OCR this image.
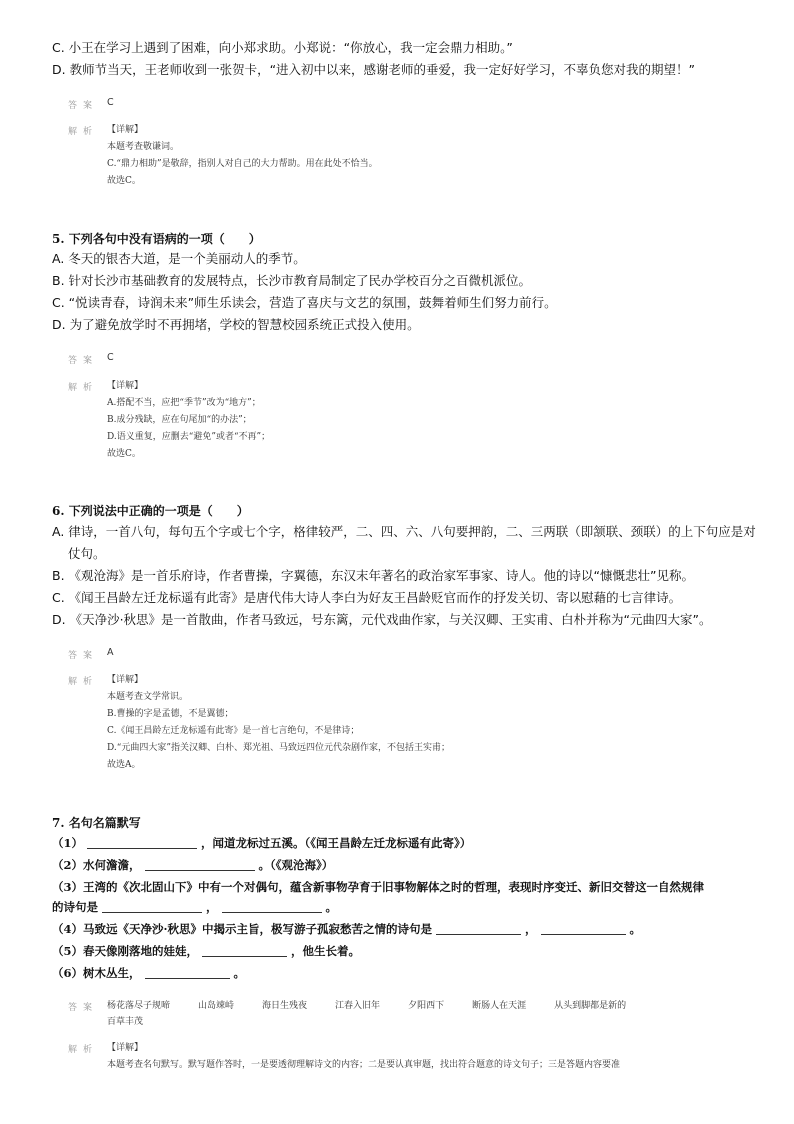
C. 小王在学习上遇到了困难，向小郑求助。小郑说：“你放心，我一定会鼎力相助。”
D. 教师节当天，王老师收到一张贺卡，“进入初中以来，感谢老师的垂爱，我一定好好学习，不辜负您对我的期望！”
答案 C
解析 【详解】
本题考查敬谦词。
C.“鼎力相助”是敬辞，指别人对自己的大力帮助。用在此处不恰当。
故选C。
5. 下列各句中没有语病的一项（　　）
A. 冬天的银杏大道，是一个美丽动人的季节。
B. 针对长沙市基础教育的发展特点，长沙市教育局制定了民办学校百分之百微机派位。
C. “悦读青春，诗润未来”师生乐读会，营造了喜庆与文艺的氛围，鼓舞着师生们努力前行。
D. 为了避免放学时不再拥堵，学校的智慧校园系统正式投入使用。
答案 C
解析 【详解】
A.搭配不当，应把“季节”改为“地方”；
B.成分残缺，应在句尾加“的办法”；
D.语义重复，应删去“避免”或者“不再”；
故选C。
6. 下列说法中正确的一项是（　　）
A. 律诗，一首八句，每句五个字或七个字，格律较严，二、四、六、八句要押韵，二、三两联（即颔联、颈联）的上下句应是对
仗句。
B. 《观沧海》是一首乐府诗，作者曹操，字翼德，东汉末年著名的政治家军事家、诗人。他的诗以“慷慨悲壮”见称。
C. 《闻王昌龄左迁龙标遥有此寄》是唐代伟大诗人李白为好友王昌龄贬官而作的抒发关切、寄以慰藉的七言律诗。
D. 《天净沙·秋思》是一首散曲，作者马致远，号东篱，元代戏曲作家，与关汉卿、王实甫、白朴并称为“元曲四大家”。
答案 A
解析 【详解】
本题考查文学常识。
B.曹操的字是孟德，不是翼德；
C.《闻王昌龄左迁龙标遥有此寄》是一首七言绝句，不是律诗；
D.“元曲四大家”指关汉卿、白朴、郑光祖、马致远四位元代杂剧作家，不包括王实甫；
故选A。
7. 名句名篇默写
（1）	，闻道龙标过五溪。（《闻王昌龄左迁龙标遥有此寄》）
（2）水何澹澹，	。（《观沧海》）
（3）王湾的《次北固山下》中有一个对偶句，蕴含新事物孕育于旧事物解体之时的哲理，表现时序变迁、新旧交替这一自然规律
的诗句是	，	。
（4）马致远《天净沙·秋思》中揭示主旨，极写游子孤寂愁苦之情的诗句是	，	。
（5）春天像刚落地的娃娃，	，他生长着。
（6）树木丛生，	。
答案 杨花落尽子规啼	山岛竦峙	海日生残夜	江春入旧年	夕阳西下	断肠人在天涯	从头到脚都是新的
百草丰茂
解析 【详解】
本题考查名句默写。默写题作答时，一是要透彻理解诗文的内容；二是要认真审题，找出符合题意的诗文句子；三是答题内容要准
